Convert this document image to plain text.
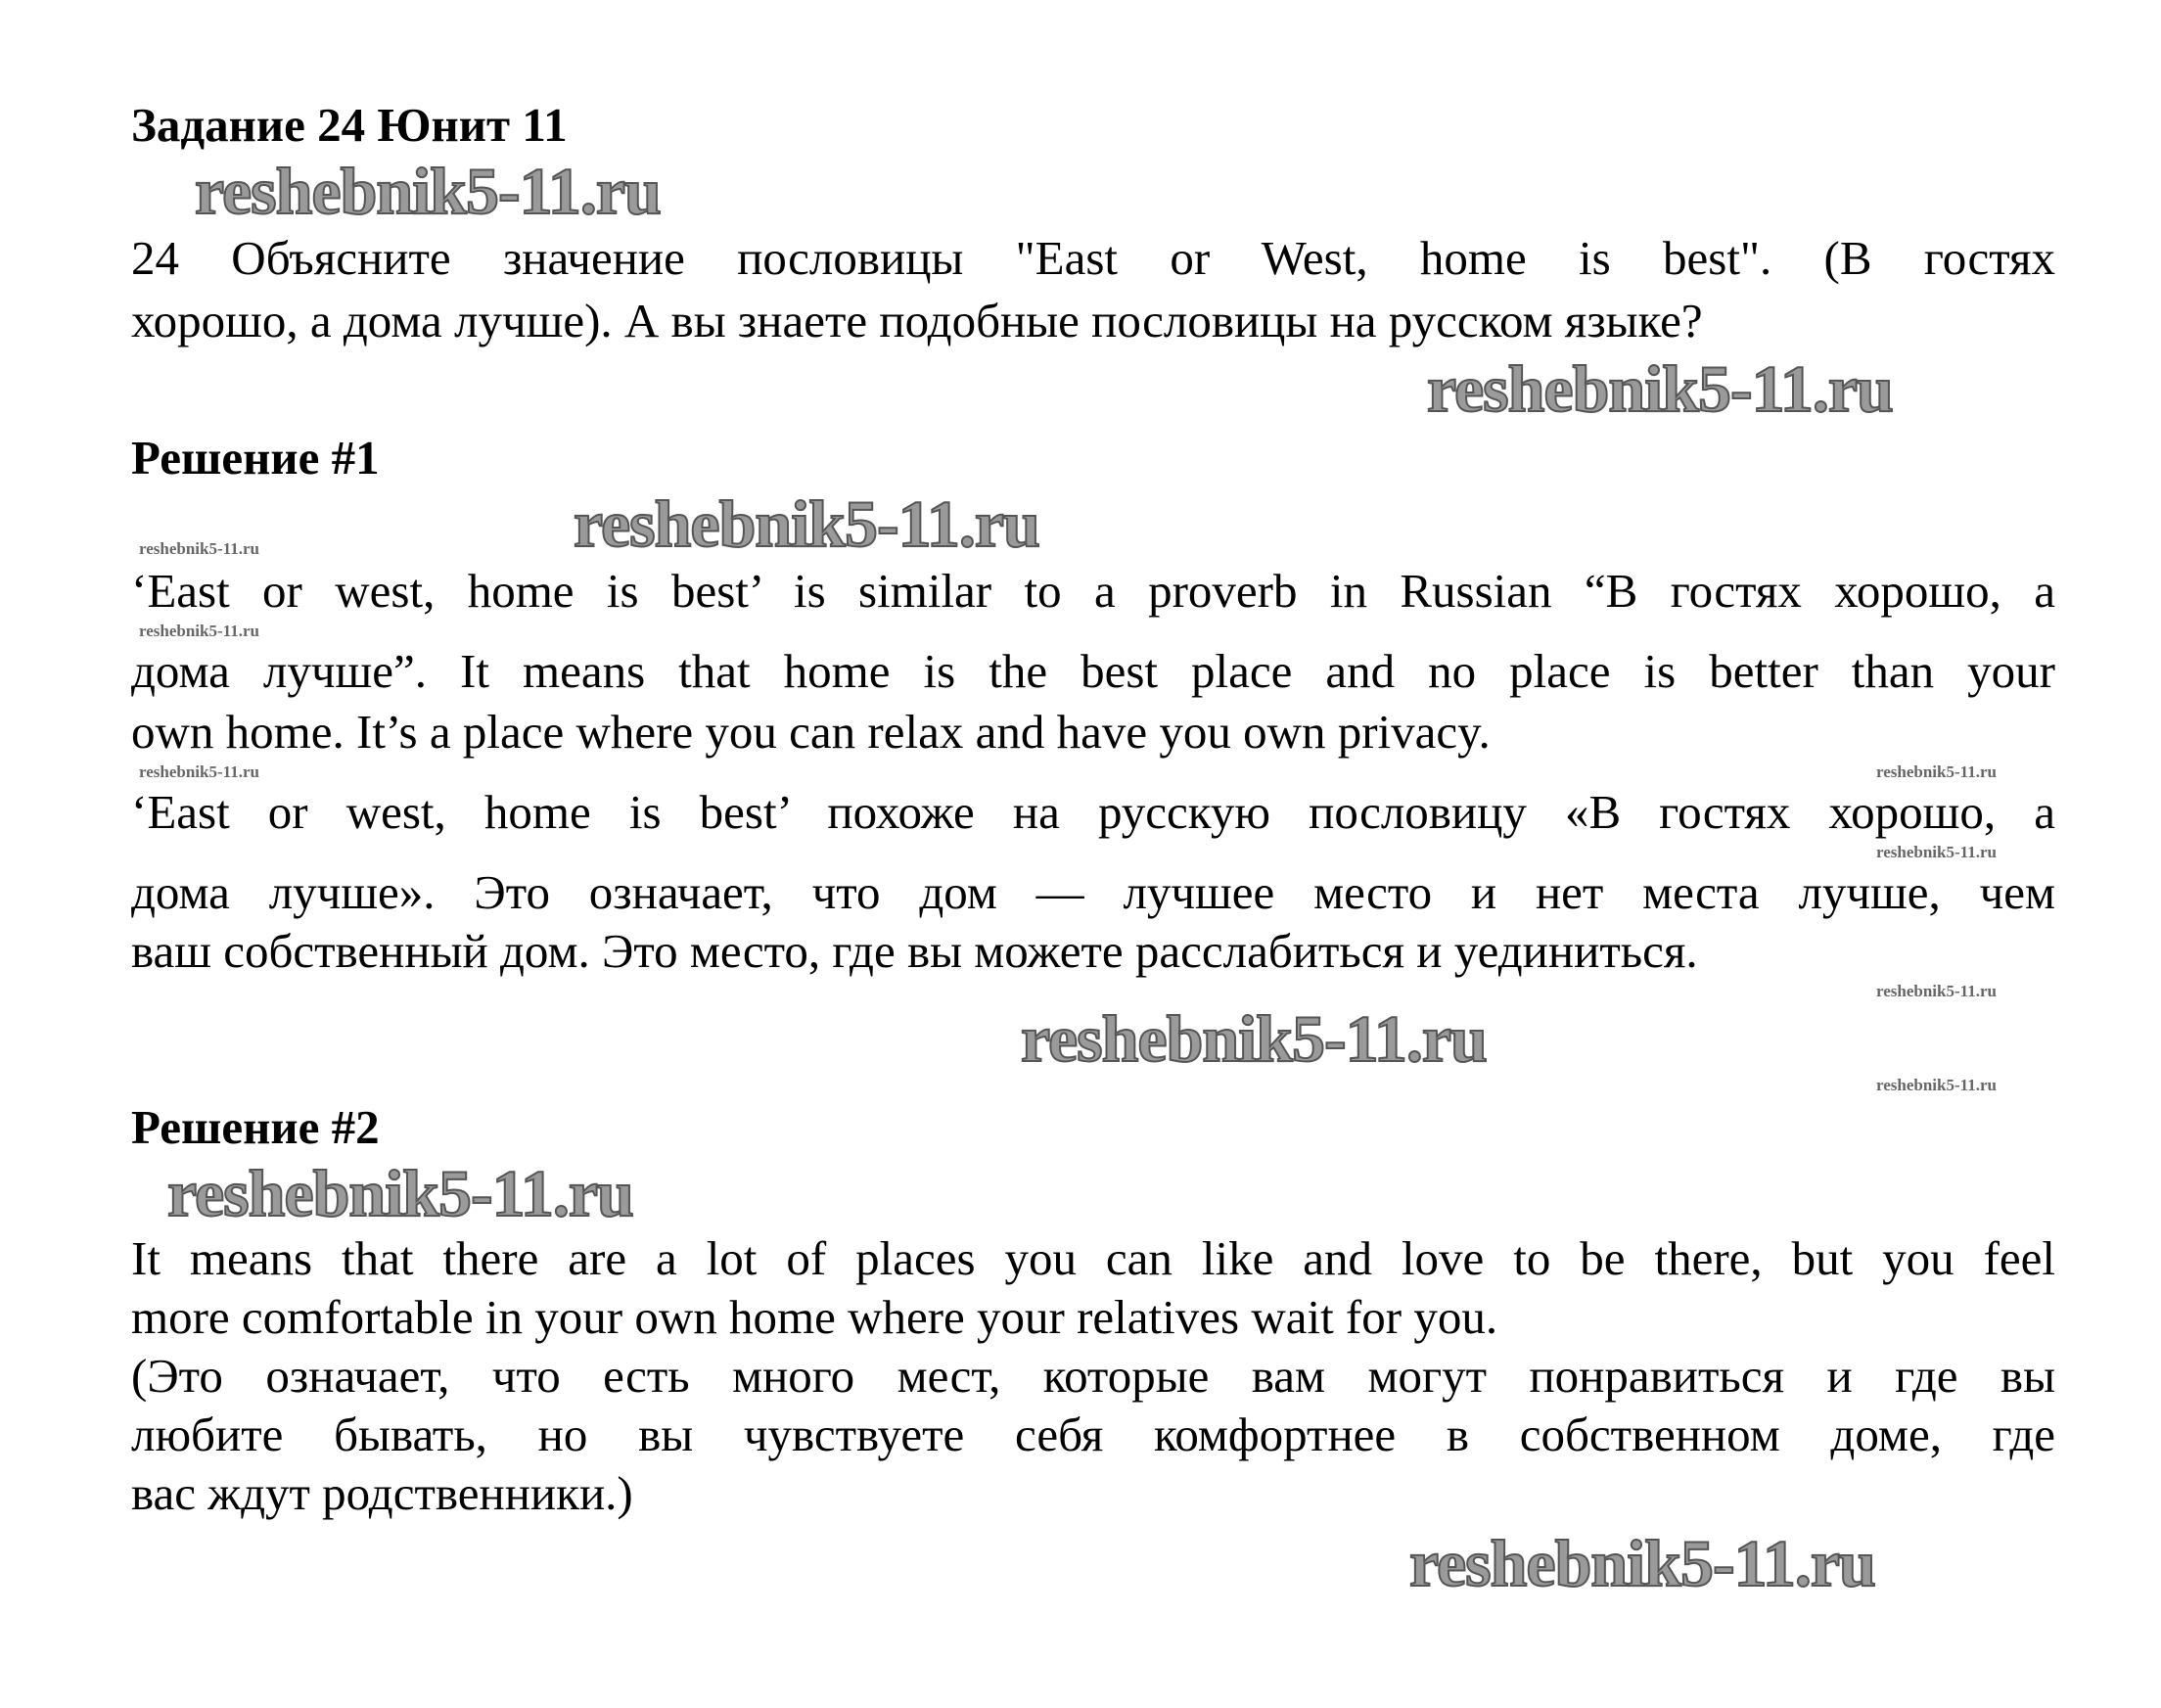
Задание 24 Юнит 11
reshebnik5-11.ru
24 Объясните значение пословицы "East or West, home is best". (В гостях
хорошо, а дома лучше). А вы знаете подобные пословицы на русском языке?
reshebnik5-11.ru
Решение #1
reshebnik5-11.ru
reshebnik5-11.ru
‘East or west, home is best’ is similar to a proverb in Russian “В гостях хорошо, а
reshebnik5-11.ru
дома лучше”. It means that home is the best place and no place is better than your
own home. It’s a place where you can relax and have you own privacy.
reshebnik5-11.ru	reshebnik5-11.ru
‘East or west, home is best’ похоже на русскую пословицу «В гостях хорошо, а
reshebnik5-11.ru
дома лучше». Это означает, что дом — лучшее место и нет места лучше, чем
ваш собственный дом. Это место, где вы можете расслабиться и уединиться.
reshebnik5-11.ru
reshebnik5-11.ru
reshebnik5-11.ru
Решение #2
reshebnik5-11.ru
It means that there are a lot of places you can like and love to be there, but you feel
more comfortable in your own home where your relatives wait for you.
(Это означает, что есть много мест, которые вам могут понравиться и где вы
любите бывать, но вы чувствуете себя комфортнее в собственном доме, где
вас ждут родственники.)
reshebnik5-11.ru
